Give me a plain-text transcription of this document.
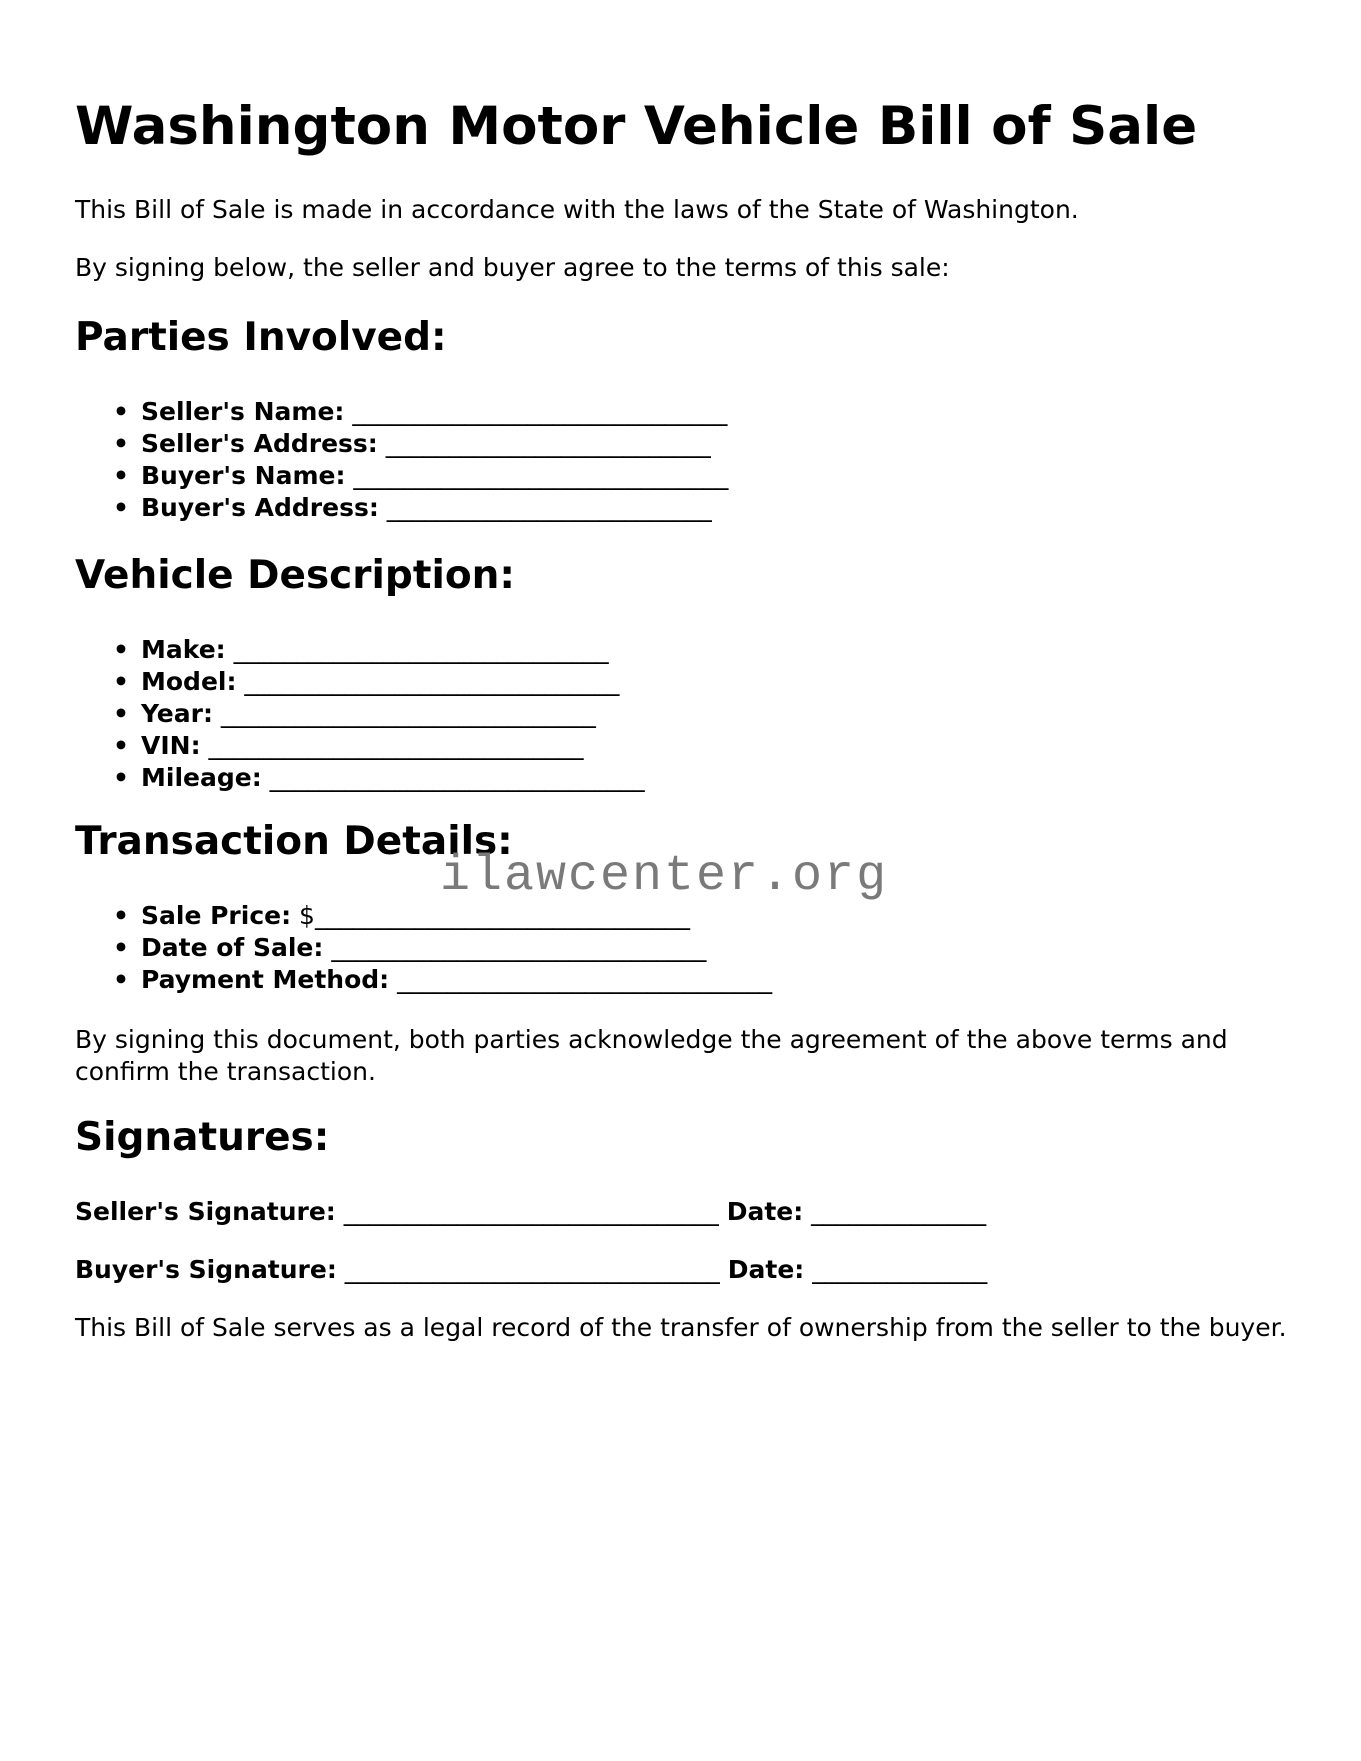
Washington Motor Vehicle Bill of Sale

This Bill of Sale is made in accordance with the laws of the State of Washington.

By signing below, the seller and buyer agree to the terms of this sale:

Parties Involved:
• Seller's Name: ______________________________
• Seller's Address: __________________________
• Buyer's Name: ______________________________
• Buyer's Address: __________________________
Vehicle Description:
• Make: ______________________________
• Model: ______________________________
• Year: ______________________________
• VIN: ______________________________
• Mileage: ______________________________
Transaction Details:
• Sale Price: $______________________________
• Date of Sale: ______________________________
• Payment Method: ______________________________

By signing this document, both parties acknowledge the agreement of the above terms and confirm the transaction.

Signatures:

Seller's Signature: ______________________________ Date: ______________

Buyer's Signature: ______________________________ Date: ______________

This Bill of Sale serves as a legal record of the transfer of ownership from the seller to the buyer.

ilawcenter.org
